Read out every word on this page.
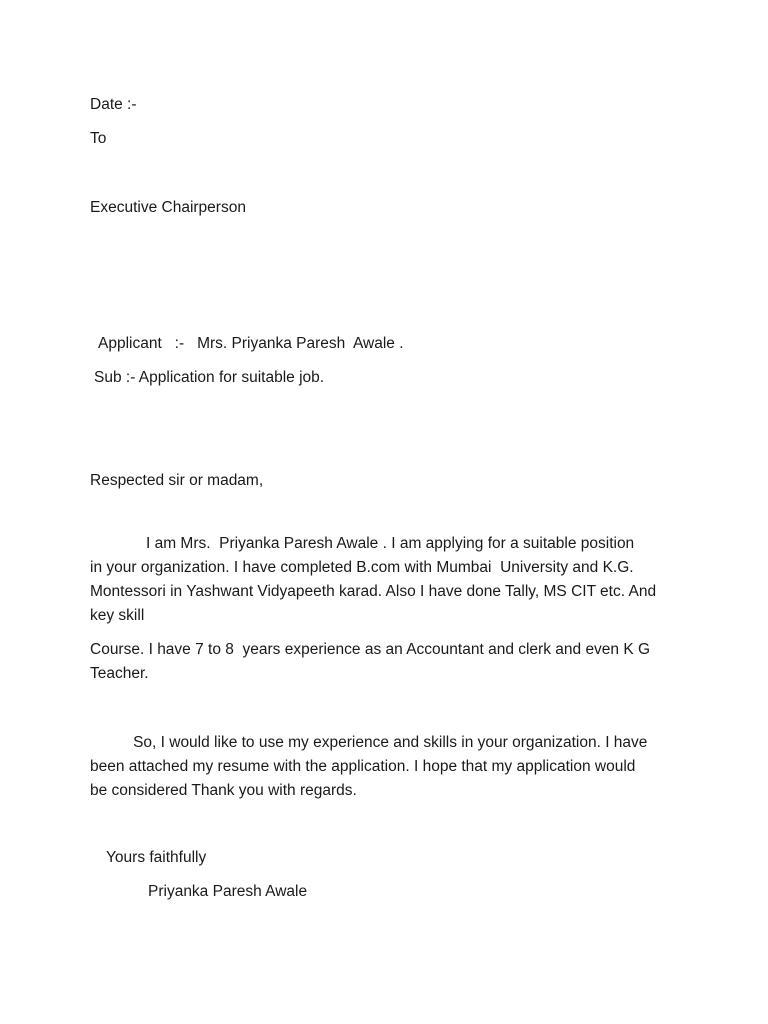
Date :-

To

Executive Chairperson

Applicant   :-   Mrs. Priyanka Paresh  Awale .

Sub :- Application for suitable job.

Respected sir or madam,

I am Mrs.  Priyanka Paresh Awale . I am applying for a suitable position
in your organization. I have completed B.com with Mumbai  University and K.G.
Montessori in Yashwant Vidyapeeth karad. Also I have done Tally, MS CIT etc. And
key skill
Course. I have 7 to 8  years experience as an Accountant and clerk and even K G
Teacher.
So, I would like to use my experience and skills in your organization. I have
been attached my resume with the application. I hope that my application would
be considered Thank you with regards.

Yours faithfully

Priyanka Paresh Awale
